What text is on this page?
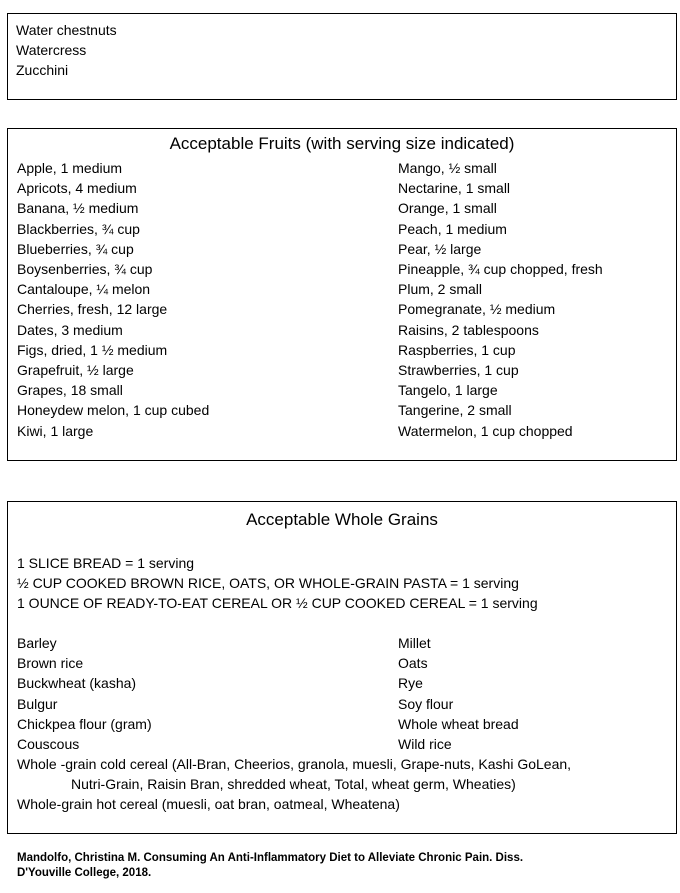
Water chestnuts
Watercress
Zucchini
Acceptable Fruits (with serving size indicated)
Apple, 1 medium
Apricots, 4 medium
Banana, ½ medium
Blackberries, ¾ cup
Blueberries, ¾ cup
Boysenberries, ¾ cup
Cantaloupe, ¼ melon
Cherries, fresh, 12 large
Dates, 3 medium
Figs, dried, 1 ½ medium
Grapefruit, ½ large
Grapes, 18 small
Honeydew melon, 1 cup cubed
Kiwi, 1 large
Mango, ½ small
Nectarine, 1 small
Orange, 1 small
Peach, 1 medium
Pear, ½ large
Pineapple, ¾ cup chopped, fresh
Plum, 2 small
Pomegranate, ½ medium
Raisins, 2 tablespoons
Raspberries, 1 cup
Strawberries, 1 cup
Tangelo, 1 large
Tangerine, 2 small
Watermelon, 1 cup chopped
Acceptable Whole Grains
1 SLICE BREAD = 1 serving
½ CUP COOKED BROWN RICE, OATS, OR WHOLE-GRAIN PASTA = 1 serving
1 OUNCE OF READY-TO-EAT CEREAL OR ½ CUP COOKED CEREAL = 1 serving
Barley
Brown rice
Buckwheat (kasha)
Bulgur
Chickpea flour (gram)
Couscous
Millet
Oats
Rye
Soy flour
Whole wheat bread
Wild rice
Whole -grain cold cereal (All-Bran, Cheerios, granola, muesli, Grape-nuts, Kashi GoLean,
Nutri-Grain, Raisin Bran, shredded wheat, Total, wheat germ, Wheaties)
Whole-grain hot cereal (muesli, oat bran, oatmeal, Wheatena)
Mandolfo, Christina M. Consuming An Anti-Inflammatory Diet to Alleviate Chronic Pain. Diss.
D'Youville College, 2018.
